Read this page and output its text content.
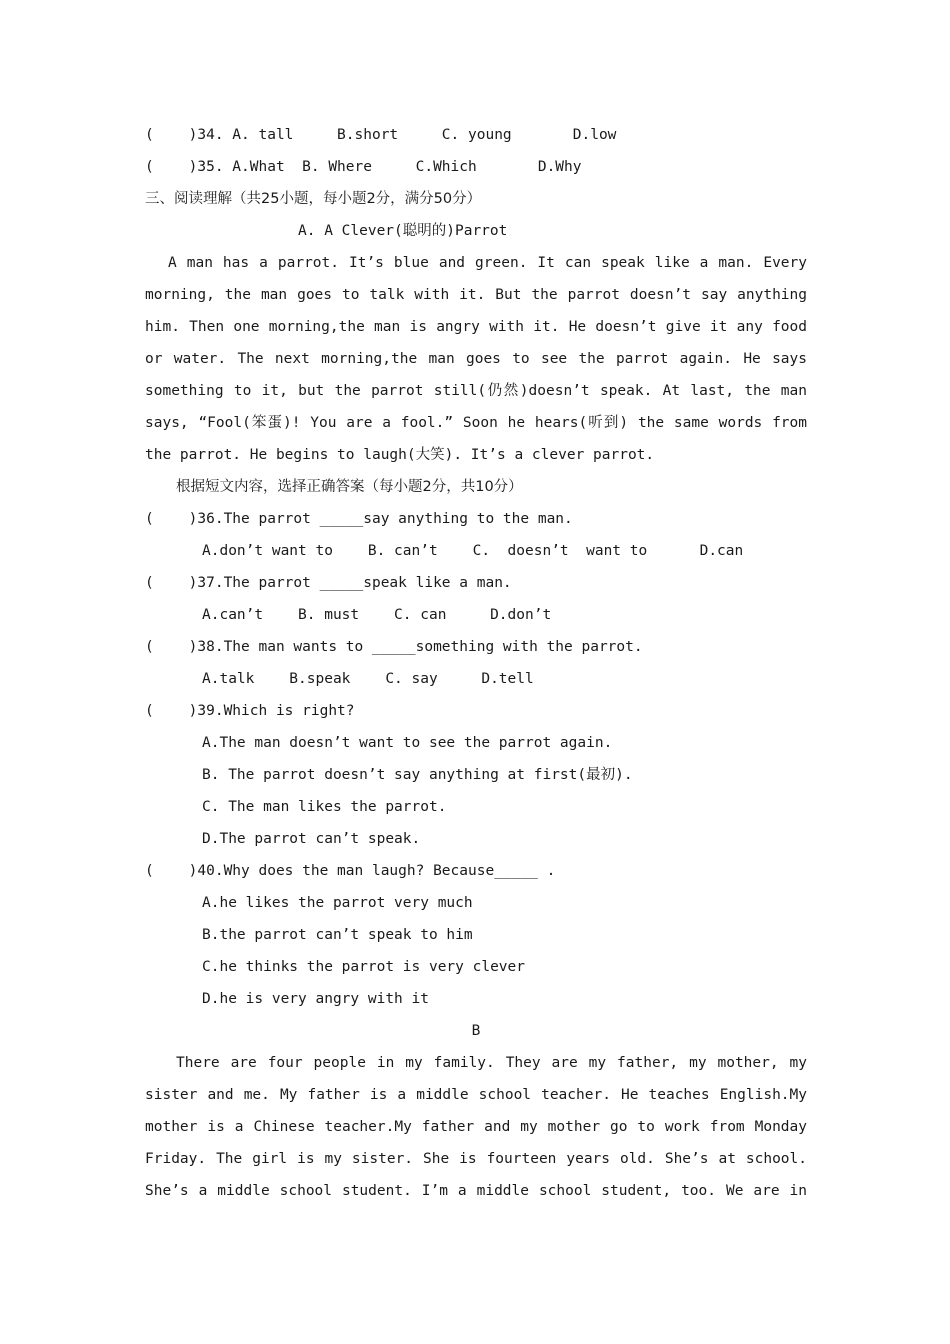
(    )34. A. tall     B.short     C. young       D.low
(    )35. A.What  B. Where     C.Which       D.Why
三、阅读理解（共25小题，每小题2分，满分50分）
A. A Clever(聪明的)Parrot
A man has a parrot. It’s blue and green. It can speak like a man. Every
morning, the man goes to talk with it. But the parrot doesn’t say anything
him. Then one morning,the man is angry with it. He doesn’t give it any food
or water. The next morning,the man goes to see the parrot again. He says
something to it, but the parrot still(仍然)doesn’t speak. At last, the man
says, “Fool(笨蛋)! You are a fool.” Soon he hears(听到) the same words from
the parrot. He begins to laugh(大笑). It’s a clever parrot.
根据短文内容，选择正确答案（每小题2分，共10分）
(    )36.The parrot _____say anything to the man.
A.don’t want to    B. can’t    C.  doesn’t  want to      D.can
(    )37.The parrot _____speak like a man.
A.can’t    B. must    C. can     D.don’t
(    )38.The man wants to _____something with the parrot.
A.talk    B.speak    C. say     D.tell
(    )39.Which is right?
A.The man doesn’t want to see the parrot again.
B. The parrot doesn’t say anything at first(最初).
C. The man likes the parrot.
D.The parrot can’t speak.
(    )40.Why does the man laugh? Because_____ .
A.he likes the parrot very much
B.the parrot can’t speak to him
C.he thinks the parrot is very clever
D.he is very angry with it
B
There are four people in my family. They are my father, my mother, my
sister and me. My father is a middle school teacher. He teaches English.My
mother is a Chinese teacher.My father and my mother go to work from Monday
Friday. The girl is my sister. She is fourteen years old. She’s at school.
She’s a middle school student. I’m a middle school student, too. We are in
